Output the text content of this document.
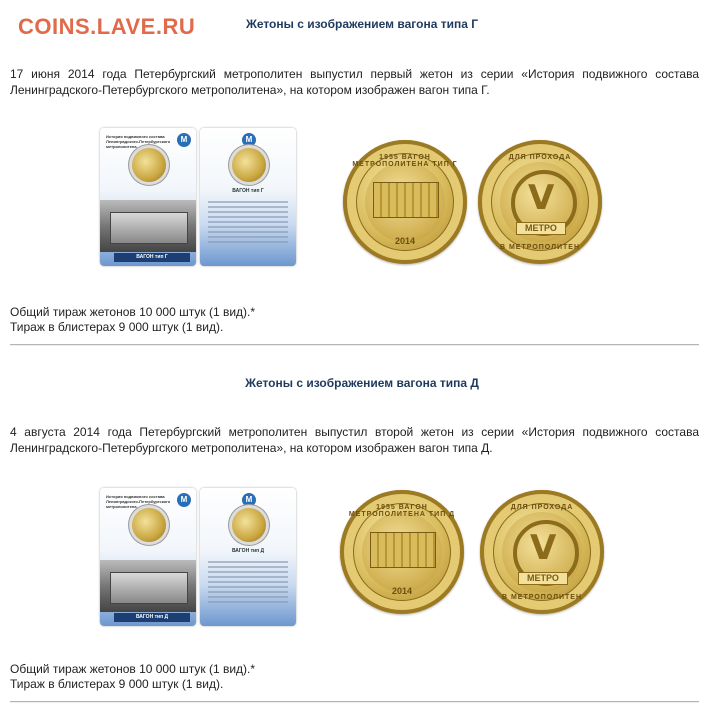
COINS.LAVE.RU	Жетоны с изображением вагона типа Г
17 июня 2014 года Петербургский метрополитен выпустил первый жетон из серии «История подвижного состава Ленинградского-Петербургского метрополитена», на котором изображен вагон типа Г.
История подвижного состава Ленинградского-Петербургского метрополитена
M
ВАГОН тип Г
M
ВАГОН тип Г
1955 ВАГОН МЕТРОПОЛИТЕНА ТИП Г
2014
ДЛЯ ПРОХОДА
V
МЕТРО
В МЕТРОПОЛИТЕН
Общий тираж жетонов 10 000 штук (1 вид).*
Тираж в блистерах 9 000 штук (1 вид).
Жетоны с изображением вагона типа Д
4 августа 2014 года Петербургский метрополитен выпустил второй жетон из серии «История подвижного состава Ленинградского-Петербургского метрополитена», на котором изображен вагон типа Д.
История подвижного состава Ленинградского-Петербургского метрополитена
M
ВАГОН тип Д
M
ВАГОН тип Д
1955 ВАГОН МЕТРОПОЛИТЕНА ТИП Д
2014
ДЛЯ ПРОХОДА
V
МЕТРО
В МЕТРОПОЛИТЕН
Общий тираж жетонов 10 000 штук (1 вид).*
Тираж в блистерах 9 000 штук (1 вид).
